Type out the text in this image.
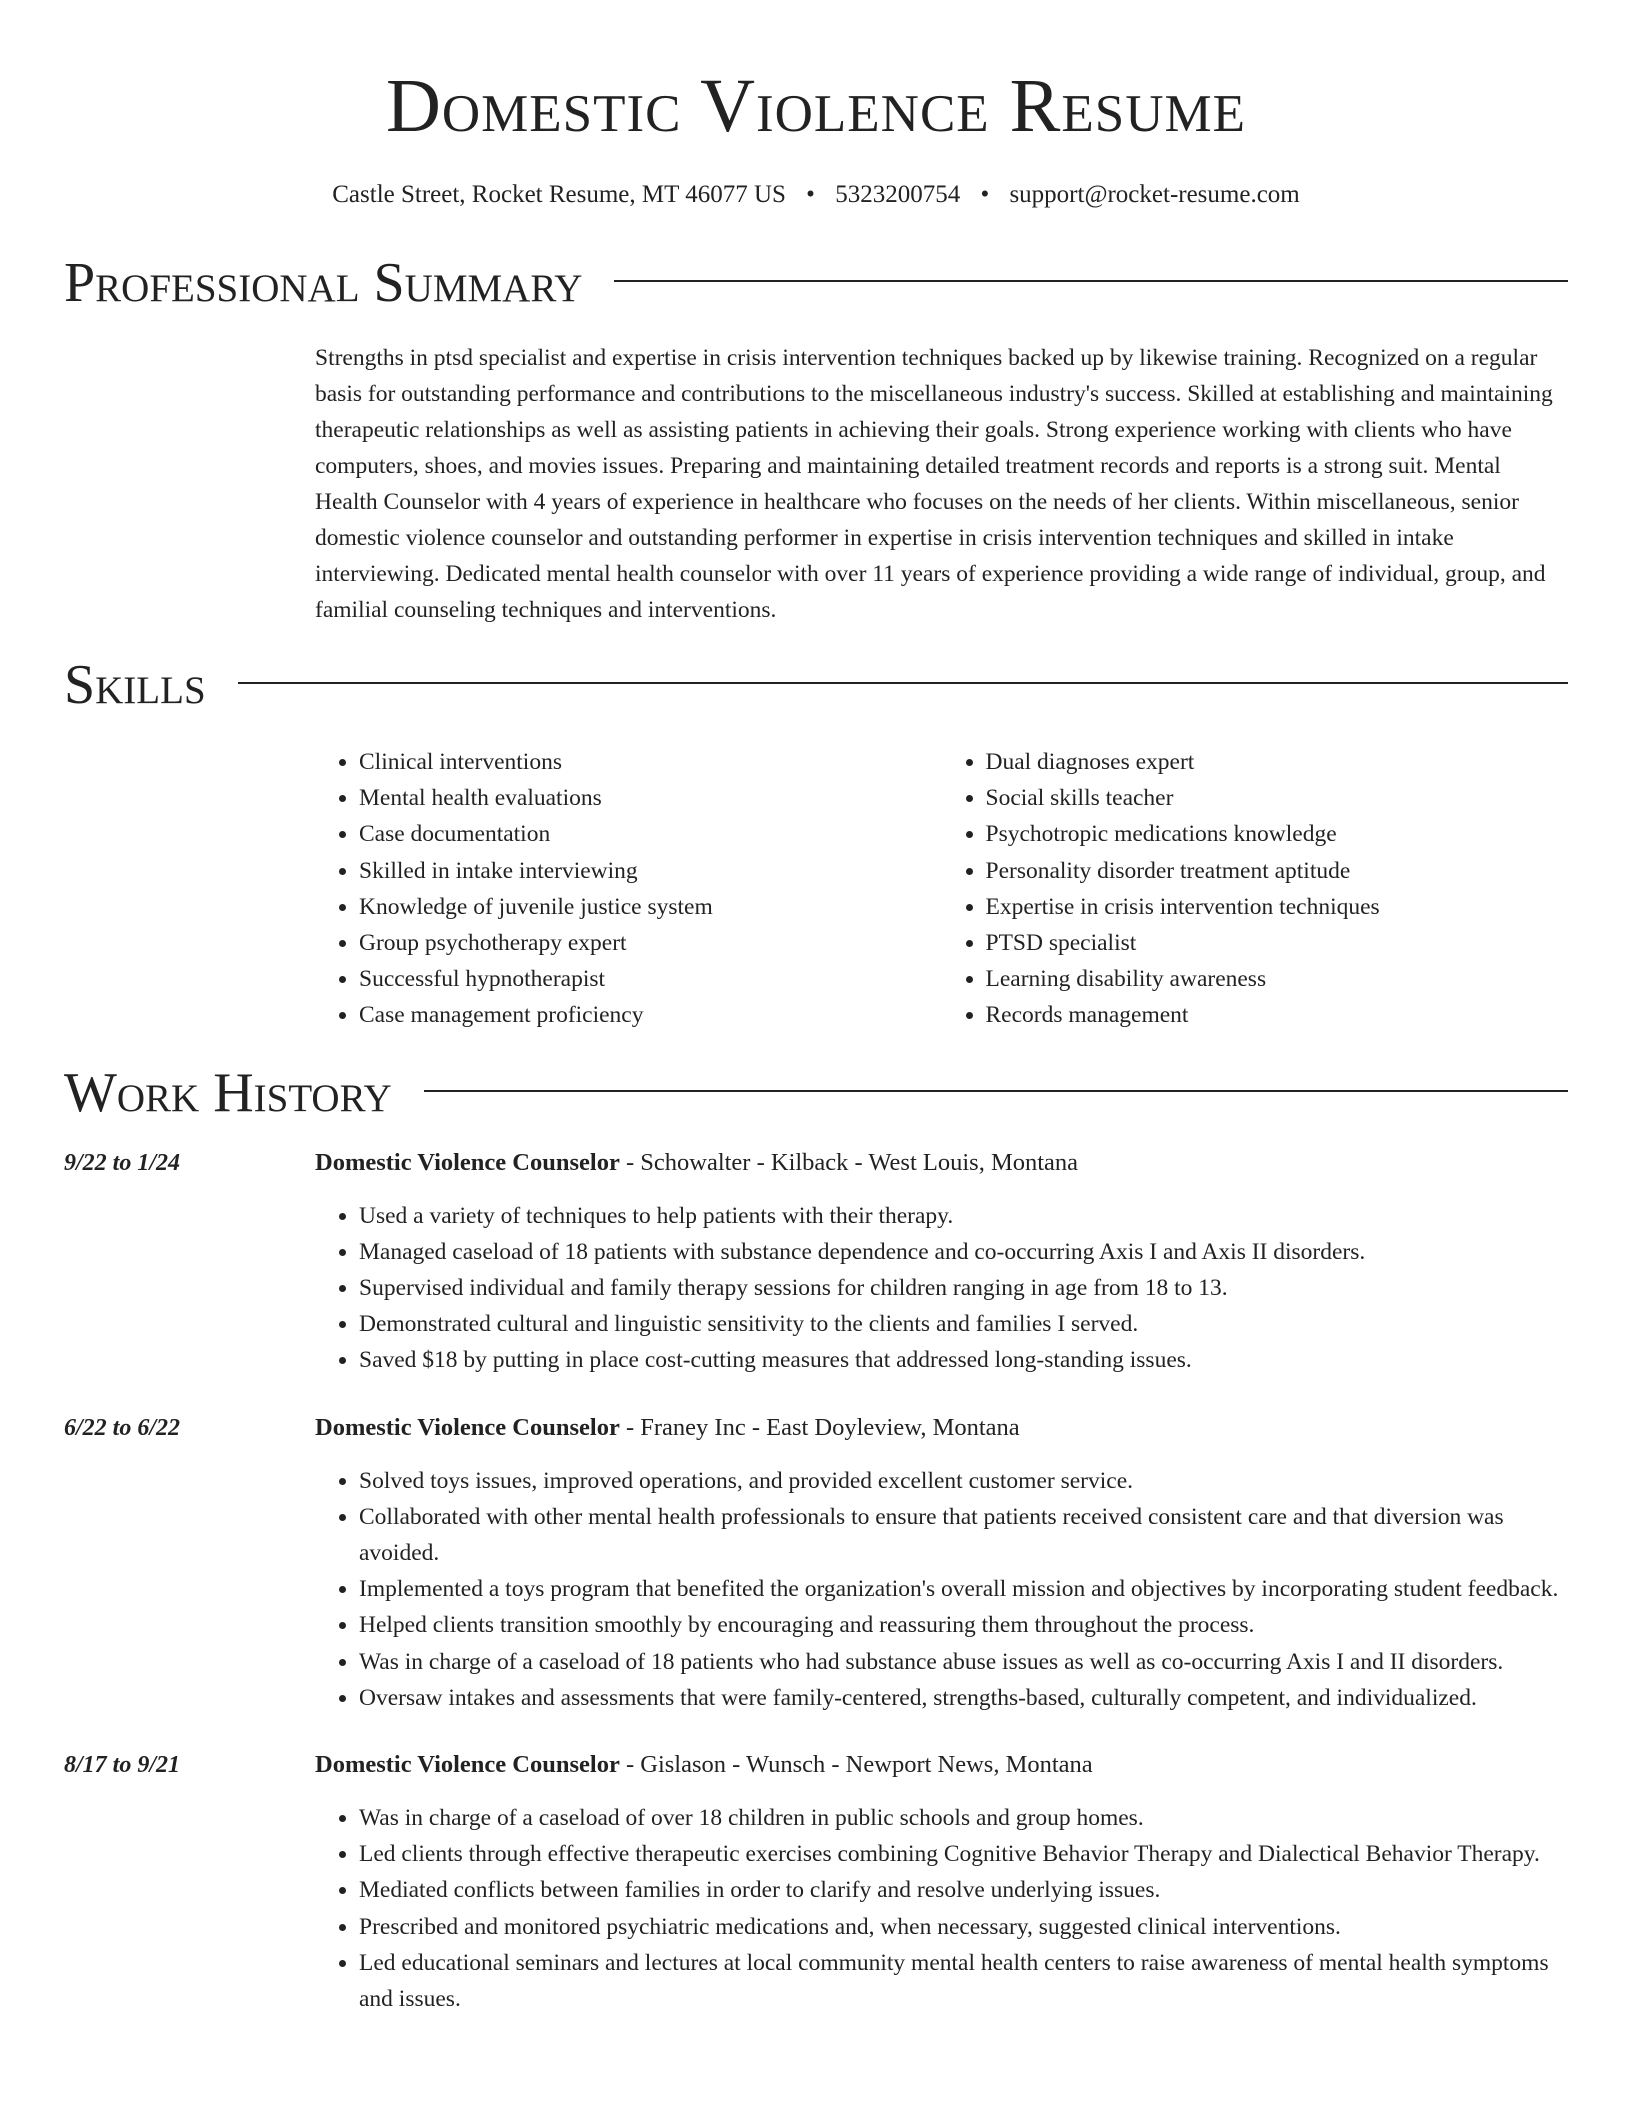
Domestic Violence Resume
Castle Street, Rocket Resume, MT 46077 US • 5323200754 • support@rocket-resume.com
Professional Summary

Strengths in ptsd specialist and expertise in crisis intervention techniques backed up by likewise training. Recognized on a regular basis for outstanding performance and contributions to the miscellaneous industry's success. Skilled at establishing and maintaining therapeutic relationships as well as assisting patients in achieving their goals. Strong experience working with clients who have computers, shoes, and movies issues. Preparing and maintaining detailed treatment records and reports is a strong suit. Mental Health Counselor with 4 years of experience in healthcare who focuses on the needs of her clients. Within miscellaneous, senior domestic violence counselor and outstanding performer in expertise in crisis intervention techniques and skilled in intake interviewing. Dedicated mental health counselor with over 11 years of experience providing a wide range of individual, group, and familial counseling techniques and interventions.

Skills
• Clinical interventions
• Mental health evaluations
• Case documentation
• Skilled in intake interviewing
• Knowledge of juvenile justice system
• Group psychotherapy expert
• Successful hypnotherapist
• Case management proficiency
• Dual diagnoses expert
• Social skills teacher
• Psychotropic medications knowledge
• Personality disorder treatment aptitude
• Expertise in crisis intervention techniques
• PTSD specialist
• Learning disability awareness
• Records management
Work History
9/22 to 1/24	Domestic Violence Counselor - Schowalter - Kilback - West Louis, Montana
• Used a variety of techniques to help patients with their therapy.
• Managed caseload of 18 patients with substance dependence and co-occurring Axis I and Axis II disorders.
• Supervised individual and family therapy sessions for children ranging in age from 18 to 13.
• Demonstrated cultural and linguistic sensitivity to the clients and families I served.
• Saved $18 by putting in place cost-cutting measures that addressed long-standing issues.
6/22 to 6/22	Domestic Violence Counselor - Franey Inc - East Doyleview, Montana
• Solved toys issues, improved operations, and provided excellent customer service.
• Collaborated with other mental health professionals to ensure that patients received consistent care and that diversion was avoided.
• Implemented a toys program that benefited the organization's overall mission and objectives by incorporating student feedback.
• Helped clients transition smoothly by encouraging and reassuring them throughout the process.
• Was in charge of a caseload of 18 patients who had substance abuse issues as well as co-occurring Axis I and II disorders.
• Oversaw intakes and assessments that were family-centered, strengths-based, culturally competent, and individualized.
8/17 to 9/21	Domestic Violence Counselor - Gislason - Wunsch - Newport News, Montana
• Was in charge of a caseload of over 18 children in public schools and group homes.
• Led clients through effective therapeutic exercises combining Cognitive Behavior Therapy and Dialectical Behavior Therapy.
• Mediated conflicts between families in order to clarify and resolve underlying issues.
• Prescribed and monitored psychiatric medications and, when necessary, suggested clinical interventions.
• Led educational seminars and lectures at local community mental health centers to raise awareness of mental health symptoms and issues.
